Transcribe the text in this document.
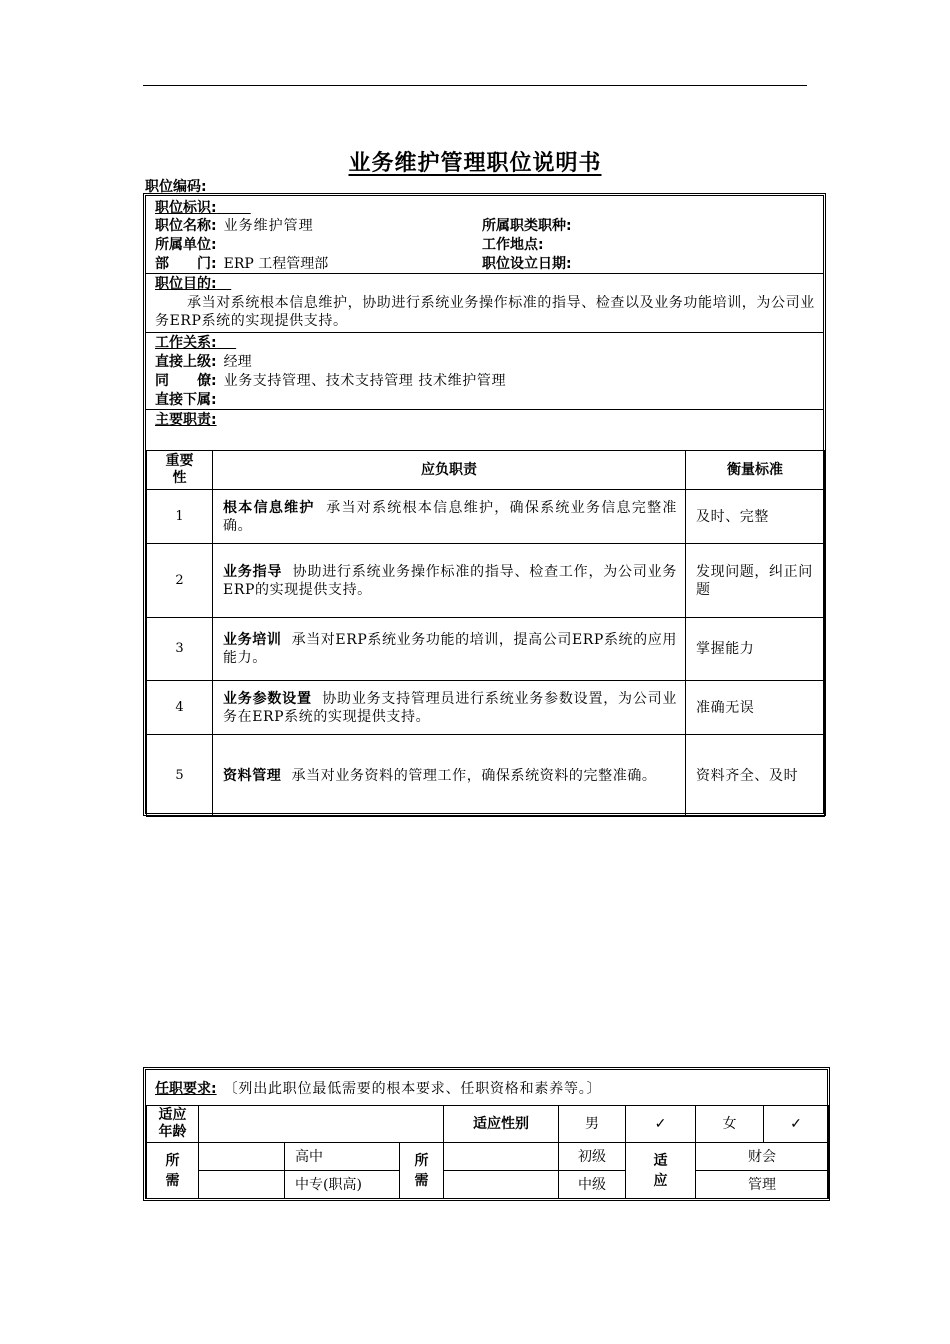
业务维护管理职位说明书
职位编码:
职位标识:
职位名称: 业务维护管理	所属职类职种:
所属单位:	工作地点:
部　　门: ERP 工程管理部	职位设立日期:
职位目的:
承当对系统根本信息维护，协助进行系统业务操作标准的指导、检查以及业务功能培训，为公司业务ERP系统的实现提供支持。
工作关系:
直接上级: 经理
同　　僚: 业务支持管理、技术支持管理 技术维护管理
直接下属:
主要职责:
重要性	应负职责	衡量标准
1	根本信息维护 承当对系统根本信息维护，确保系统业务信息完整准确。	及时、完整
2	业务指导 协助进行系统业务操作标准的指导、检查工作，为公司业务ERP的实现提供支持。	发现问题，纠正问题
3	业务培训 承当对ERP系统业务功能的培训，提高公司ERP系统的应用能力。	掌握能力
4	业务参数设置 协助业务支持管理员进行系统业务参数设置，为公司业务在ERP系统的实现提供支持。	准确无误
5	资料管理 承当对业务资料的管理工作，确保系统资料的完整准确。	资料齐全、及时
任职要求: 〔列出此职位最低需要的根本要求、任职资格和素养等。〕
适应年龄				适应性别	男	✓	女	✓
所需		高中	所需		初级	适应	财会	
		中专(职高)			中级		管理	
